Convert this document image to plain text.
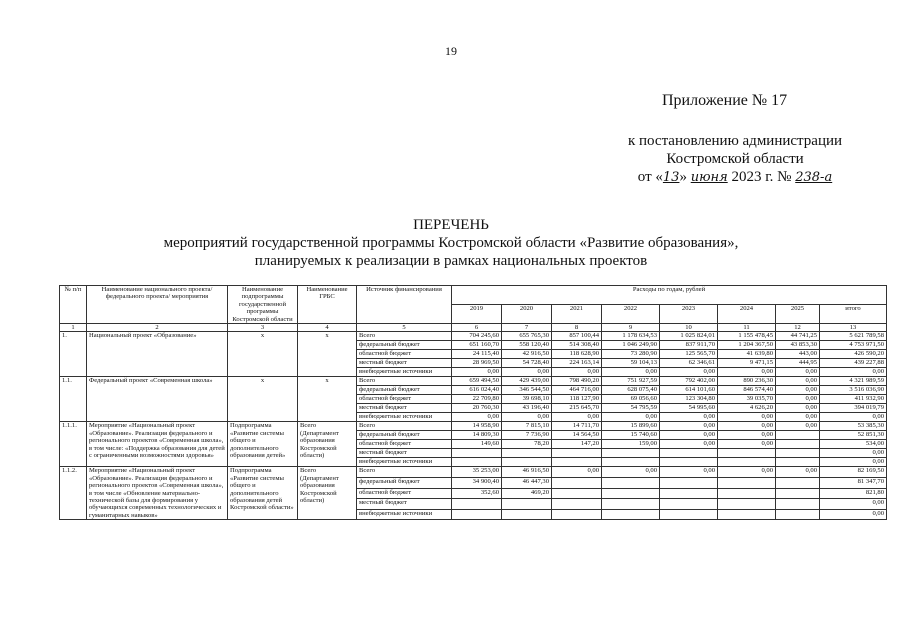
19
Приложение № 17
к постановлению администрации
Костромской области
от «13» июня 2023 г. № 238-а
ПЕРЕЧЕНЬ
мероприятий государственной программы Костромской области «Развитие образования»,
планируемых к реализации в рамках национальных проектов
№ п/п	Наименование национального проекта/ федерального проекта/ мероприятия	Наименование подпрограммы государственной программы Костромской области	Наименование ГРБС	Источник финансирования	Расходы по годам, рублей							
					2019	2020	2021	2022	2023	2024	2025	итого
1	2	3	4	5	6	7	8	9	10	11	12	13
1.	Национальный проект «Образование»	х	х	Всего	704 245,60	655 765,30	857 100,44	1 178 634,53	1 025 824,01	1 155 478,45	44 741,25	5 621 789,58
				федеральный бюджет	651 160,70	558 120,40	514 308,40	1 046 249,90	837 911,70	1 204 367,50	43 853,30	4 753 971,50
				областной бюджет	24 115,40	42 916,50	118 628,90	73 280,90	125 565,70	41 639,80	443,00	426 590,20
				местный бюджет	28 969,50	54 728,40	224 163,14	59 104,13	62 346,61	9 471,15	444,95	439 227,88
				внебюджетные источники	0,00	0,00	0,00	0,00	0,00	0,00	0,00	0,00
1.1.	Федеральный проект «Современная школа»	х	х	Всего	659 494,50	429 439,00	798 490,20	751 927,59	792 402,00	890 236,30	0,00	4 321 989,59
				федеральный бюджет	616 024,40	346 544,50	464 716,00	628 075,40	614 101,60	846 574,40	0,00	3 516 036,90
				областной бюджет	22 709,80	39 698,10	118 127,90	69 056,60	123 304,80	39 035,70	0,00	411 932,90
				местный бюджет	20 760,30	43 196,40	215 645,70	54 795,59	54 995,60	4 626,20	0,00	394 019,79
				внебюджетные источники	0,00	0,00	0,00	0,00	0,00	0,00	0,00	0,00
1.1.1.	Мероприятие «Национальный проект «Образование». Реализация федерального и регионального проектов «Современная школа», в том числе: «Поддержка образования для детей с ограниченными возможностями здоровья»	Подпрограмма «Развитие системы общего и дополнительного образования детей»	Всего (Департамент образования Костромской области)	Всего	14 958,90	7 815,10	14 711,70	15 899,60	0,00	0,00	0,00	53 385,30
				федеральный бюджет	14 809,30	7 736,90	14 564,50	15 740,60	0,00	0,00		52 851,30
				областной бюджет	149,60	78,20	147,20	159,00	0,00	0,00		534,00
				местный бюджет								0,00
				внебюджетные источники								0,00
1.1.2.	Мероприятие «Национальный проект «Образование». Реализация федерального и регионального проектов «Современная школа», в том числе «Обновление материально-технической базы для формирования у обучающихся современных технологических и гуманитарных навыков»	Подпрограмма «Развитие системы общего и дополнительного образования детей Костромской области»	Всего (Департамент образования Костромской области)	Всего	35 253,00	46 916,50	0,00	0,00	0,00	0,00	0,00	82 169,50
				федеральный бюджет	34 900,40	46 447,30						81 347,70
				областной бюджет	352,60	469,20						821,80
				местный бюджет								0,00
				внебюджетные источники								0,00
